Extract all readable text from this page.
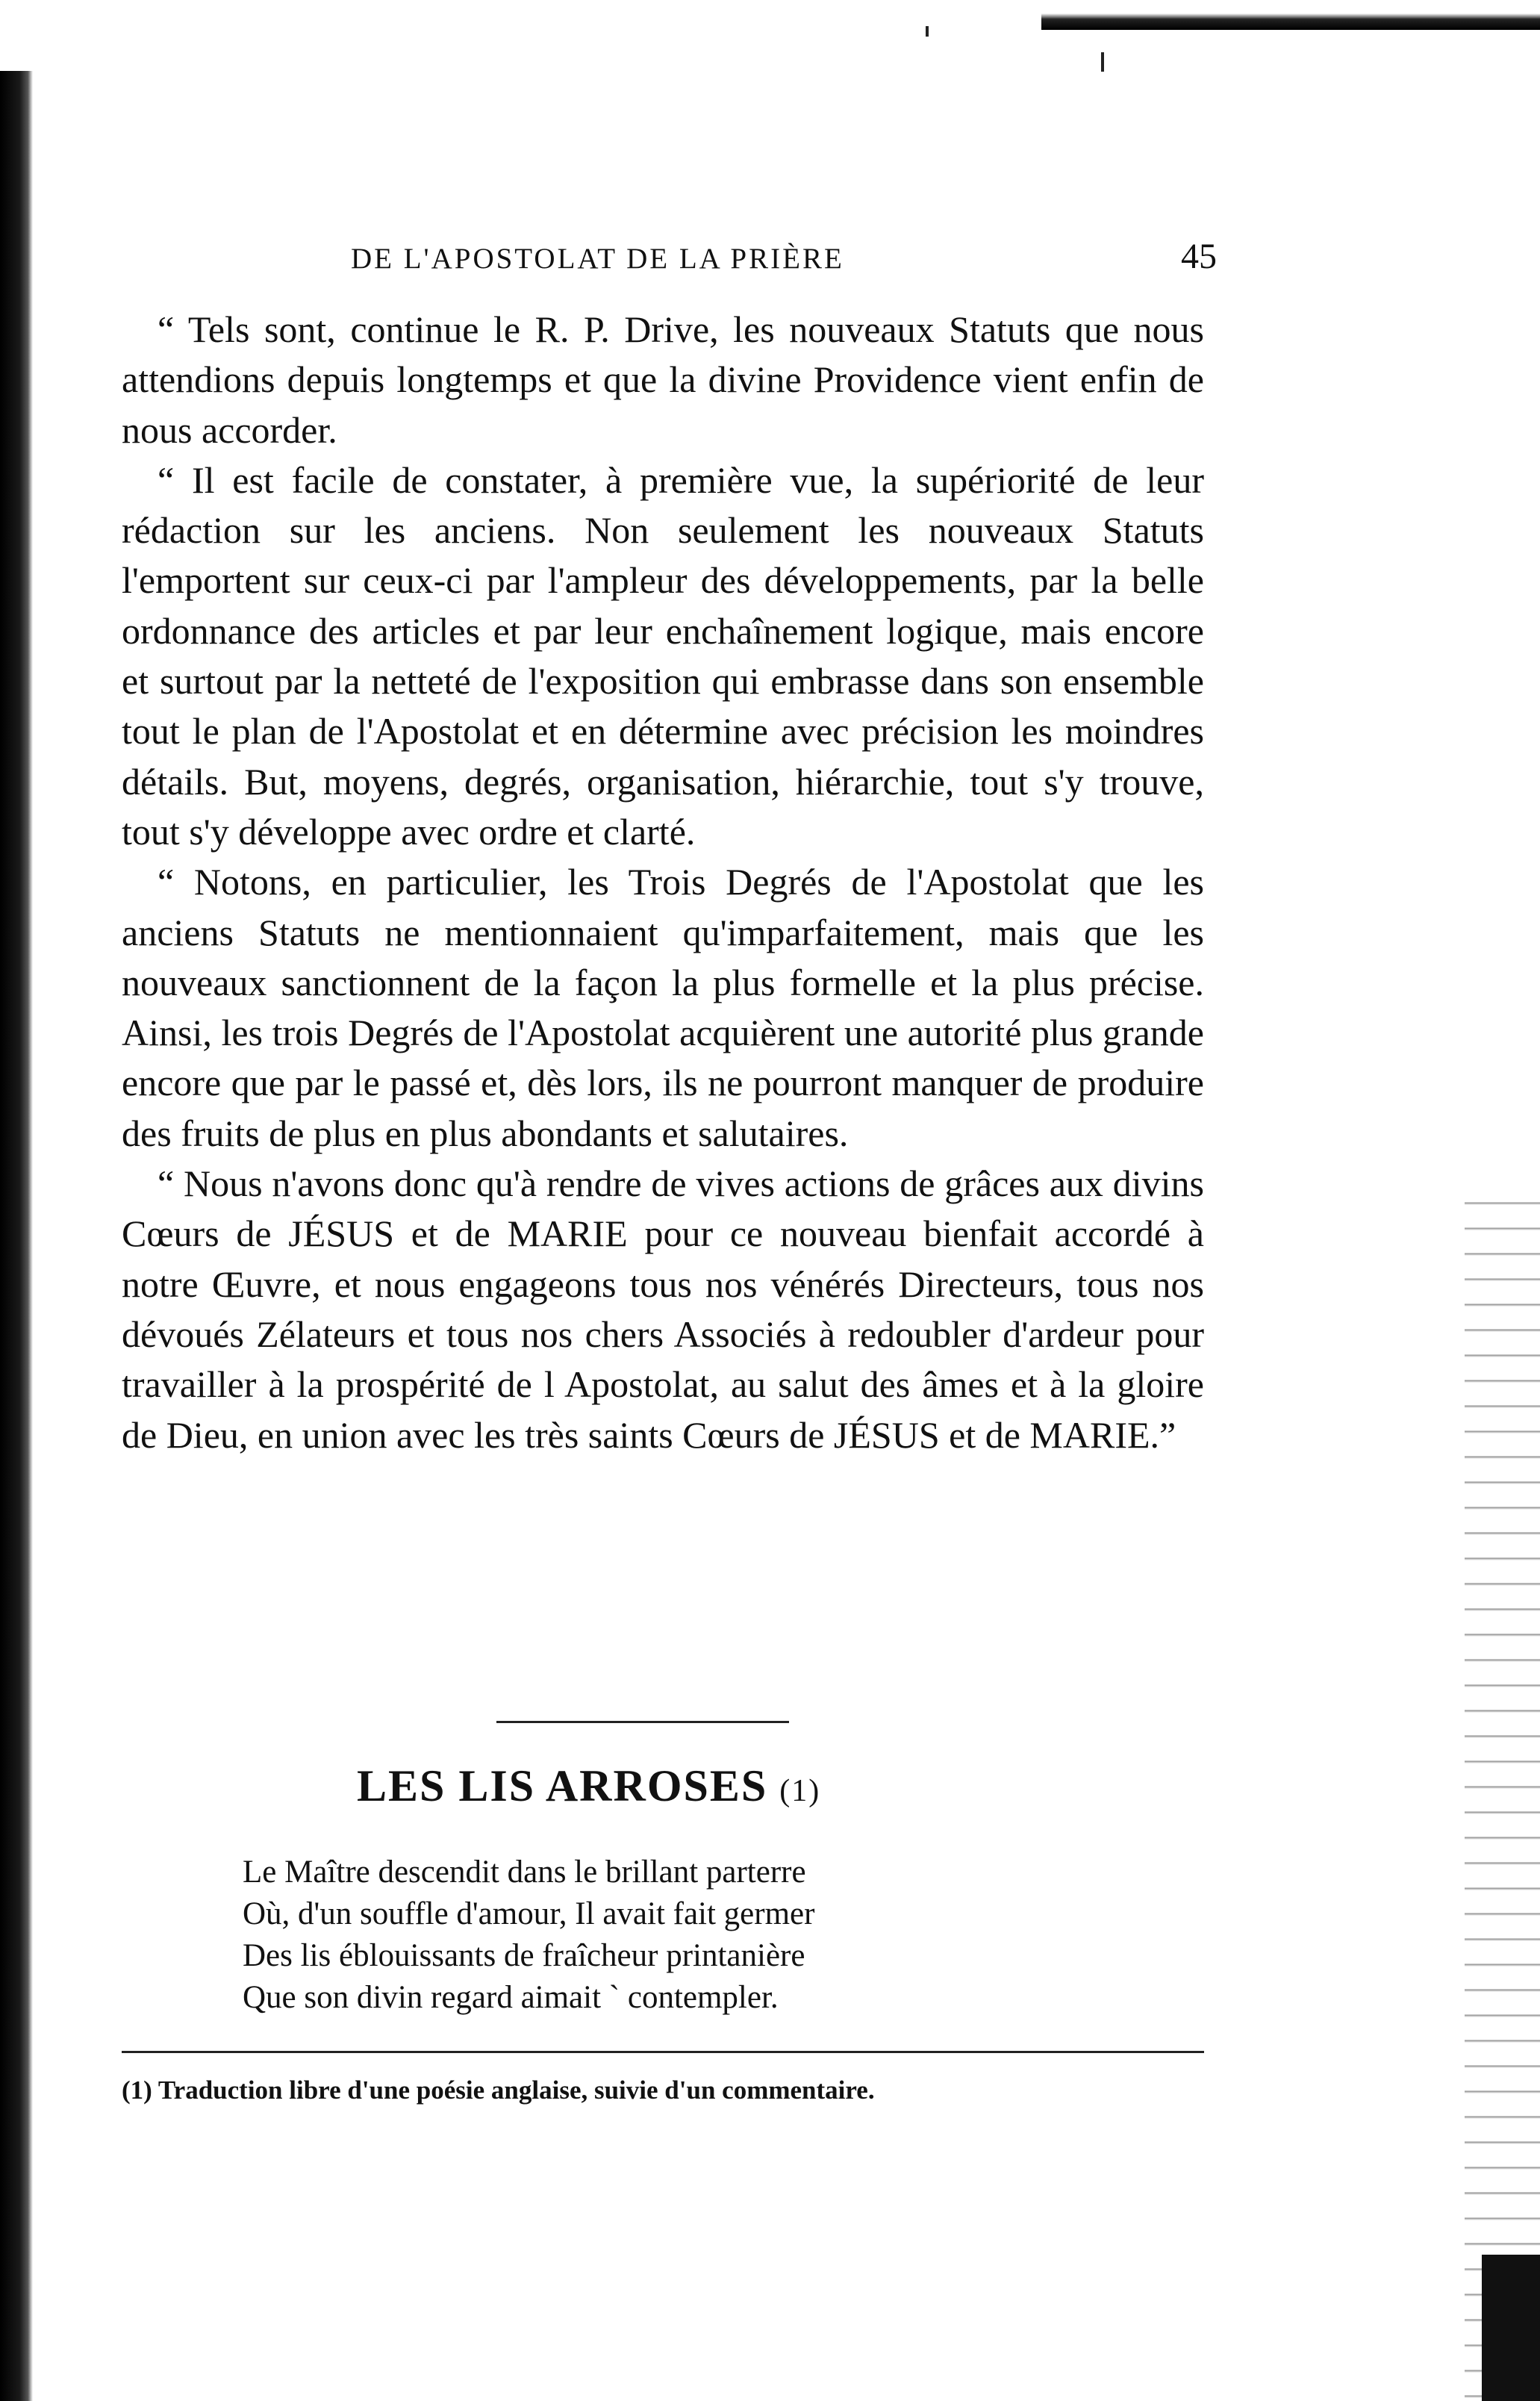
DE L'APOSTOLAT DE LA PRIÈRE	45

“ Tels sont, continue le R. P. Drive, les nouveaux Statuts que nous attendions depuis longtemps et que la divine Providence vient enfin de nous accorder.

“ Il est facile de constater, à première vue, la supériorité de leur rédaction sur les anciens. Non seulement les nouveaux Statuts l'emportent sur ceux-ci par l'ampleur des développements, par la belle ordonnance des articles et par leur enchaînement logique, mais encore et surtout par la netteté de l'exposition qui embrasse dans son ensemble tout le plan de l'Apostolat et en détermine avec précision les moindres détails. But, moyens, degrés, organisation, hiérarchie, tout s'y trouve, tout s'y développe avec ordre et clarté.

“ Notons, en particulier, les Trois Degrés de l'Apostolat que les anciens Statuts ne mentionnaient qu'imparfaitement, mais que les nouveaux sanctionnent de la façon la plus formelle et la plus précise. Ainsi, les trois Degrés de l'Apostolat acquièrent une autorité plus grande encore que par le passé et, dès lors, ils ne pourront manquer de produire des fruits de plus en plus abondants et salutaires.

“ Nous n'avons donc qu'à rendre de vives actions de grâces aux divins Cœurs de JÉSUS et de MARIE pour ce nouveau bienfait accordé à notre Œuvre, et nous engageons tous nos vénérés Directeurs, tous nos dévoués Zélateurs et tous nos chers Associés à redoubler d'ardeur pour travailler à la prospérité de l Apostolat, au salut des âmes et à la gloire de Dieu, en union avec les très saints Cœurs de JÉSUS et de MARIE.”

LES LIS ARROSES (1)
Le Maître descendit dans le brillant parterre
Où, d'un souffle d'amour, Il avait fait germer
Des lis éblouissants de fraîcheur printanière
Que son divin regard aimait ` contempler.
(1) Traduction libre d'une poésie anglaise, suivie d'un commentaire.
